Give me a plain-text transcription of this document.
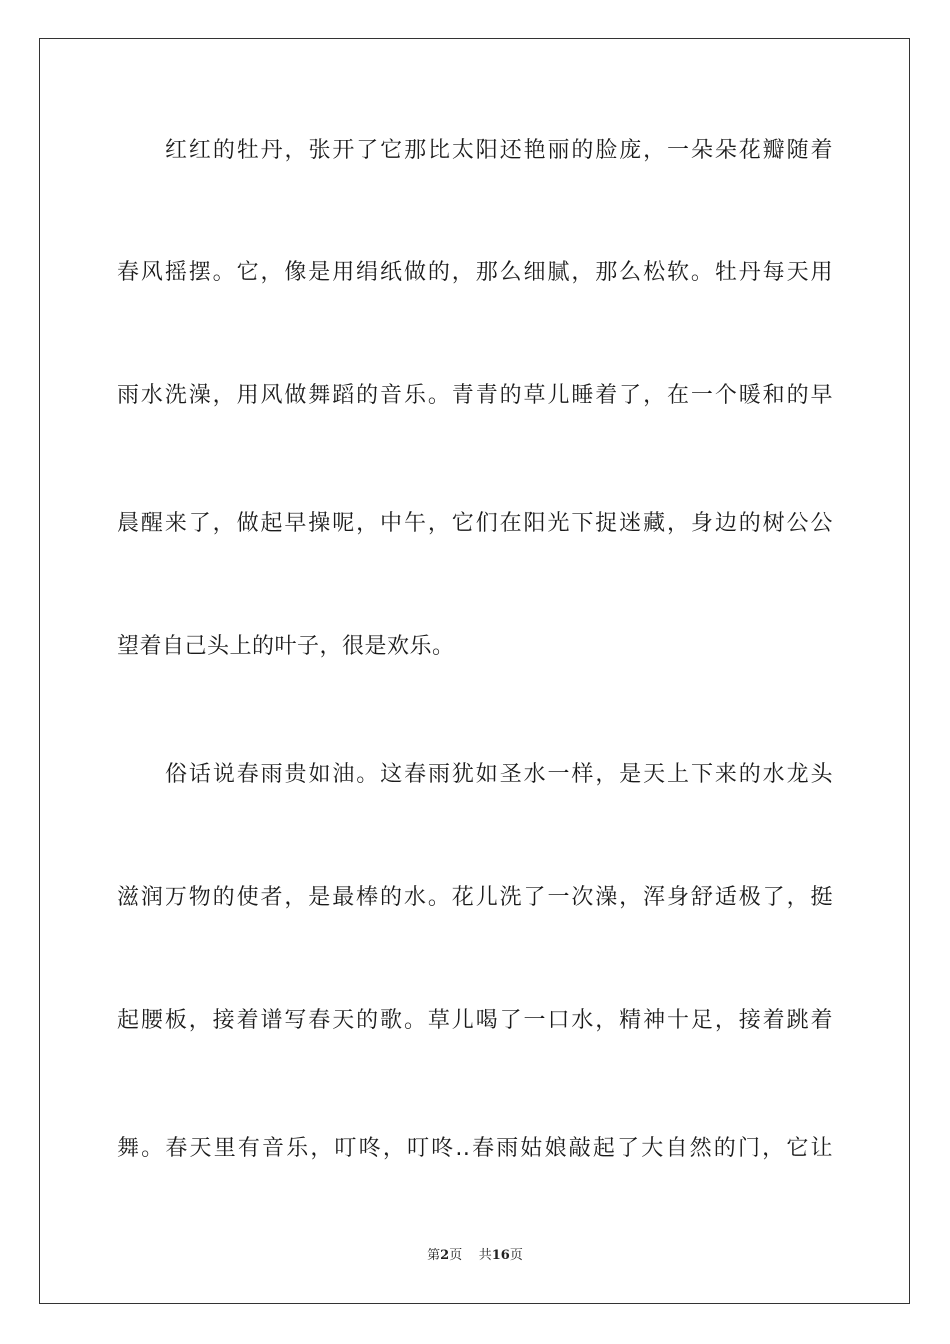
红红的牡丹，张开了它那比太阳还艳丽的脸庞，一朵朵花瓣随着
春风摇摆。它，像是用绢纸做的，那么细腻，那么松软。牡丹每天用
雨水洗澡，用风做舞蹈的音乐。青青的草儿睡着了，在一个暖和的早
晨醒来了，做起早操呢，中午，它们在阳光下捉迷藏，身边的树公公
望着自己头上的叶子，很是欢乐。
俗话说春雨贵如油。这春雨犹如圣水一样，是天上下来的水龙头
滋润万物的使者，是最棒的水。花儿洗了一次澡，浑身舒适极了，挺
起腰板，接着谱写春天的歌。草儿喝了一口水，精神十足，接着跳着
舞。春天里有音乐，叮咚，叮咚..春雨姑娘敲起了大自然的门，它让
第2页 共16页
